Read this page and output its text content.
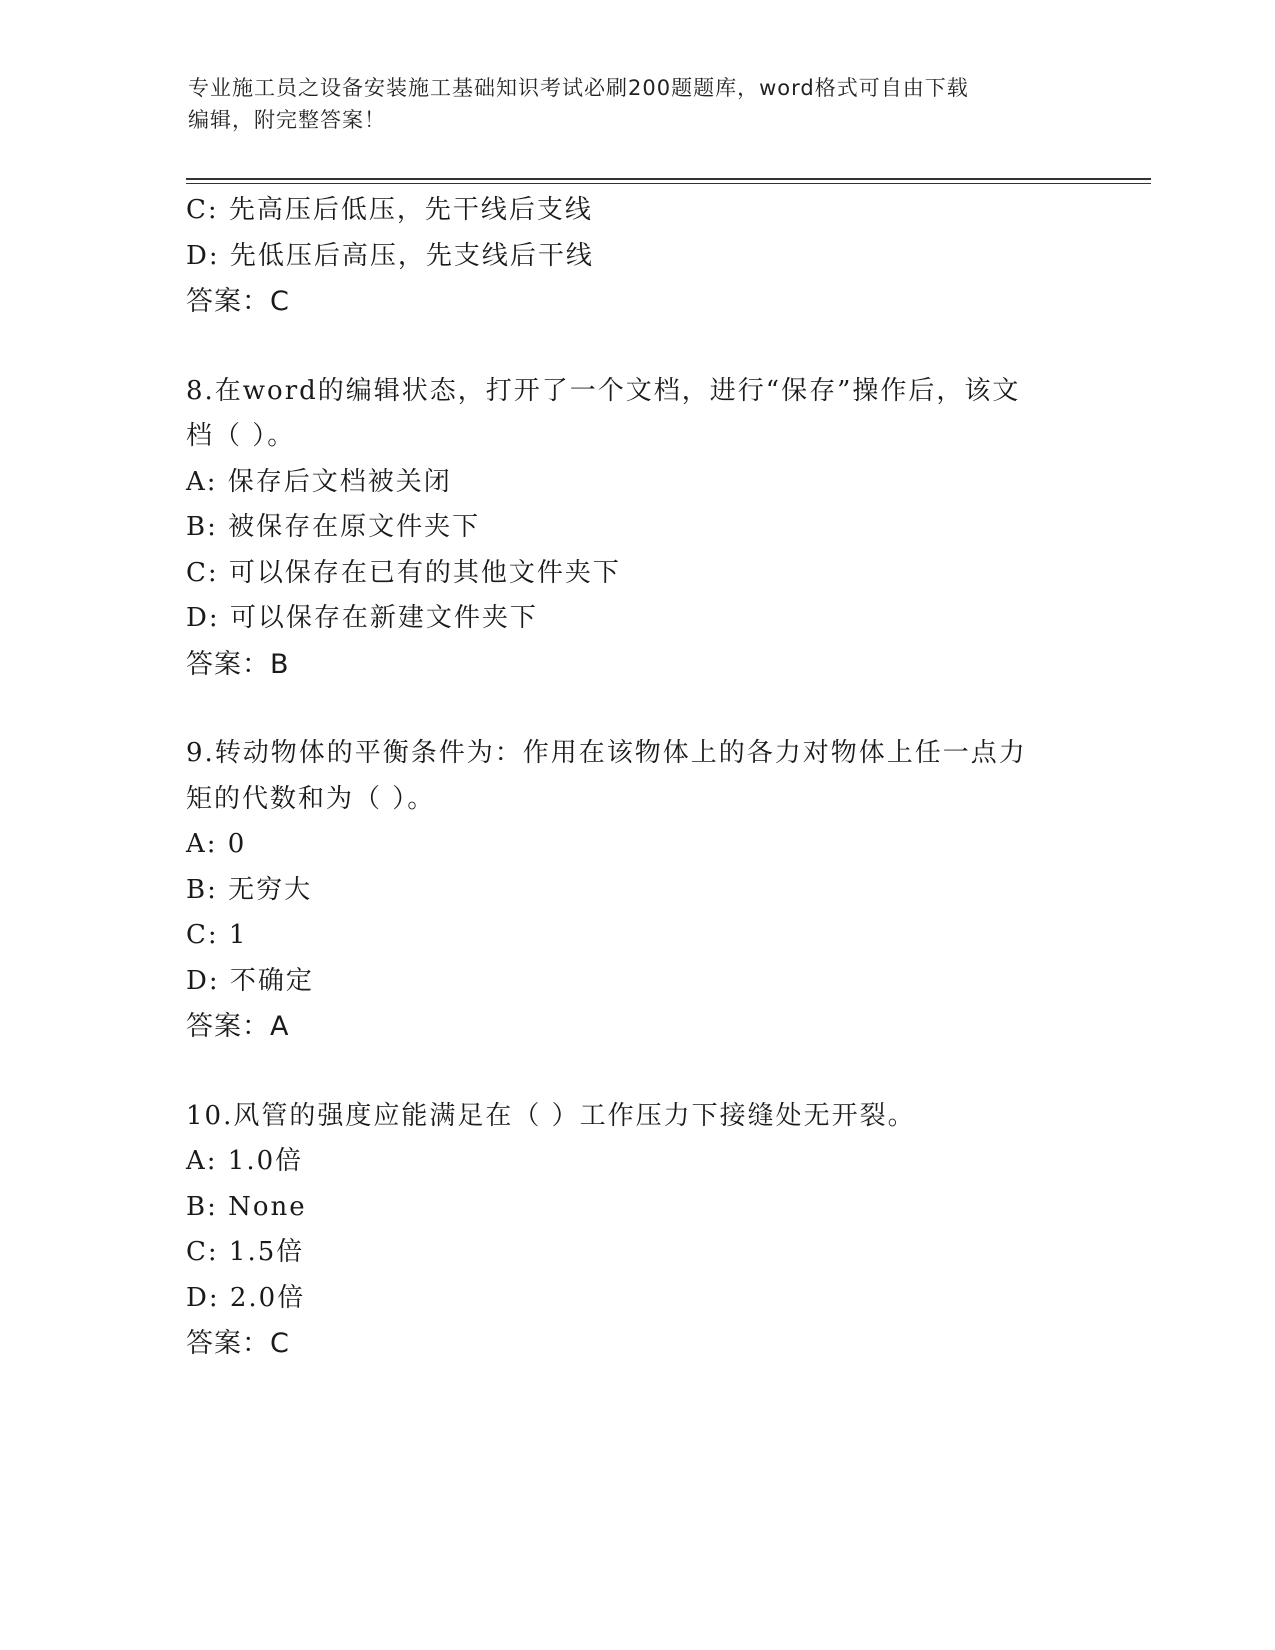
专业施工员之设备安装施工基础知识考试必刷200题题库，word格式可自由下载
编辑，附完整答案！
C: 先高压后低压，先干线后支线
D: 先低压后高压，先支线后干线
答案：C
8.在word的编辑状态，打开了一个文档，进行“保存”操作后，该文
档（ ）。
A: 保存后文档被关闭
B: 被保存在原文件夹下
C: 可以保存在已有的其他文件夹下
D: 可以保存在新建文件夹下
答案：B
9.转动物体的平衡条件为：作用在该物体上的各力对物体上任一点力
矩的代数和为（ ）。
A: 0
B: 无穷大
C: 1
D: 不确定
答案：A
10.风管的强度应能满足在（ ）工作压力下接缝处无开裂。
A: 1.0倍
B: None
C: 1.5倍
D: 2.0倍
答案：C
